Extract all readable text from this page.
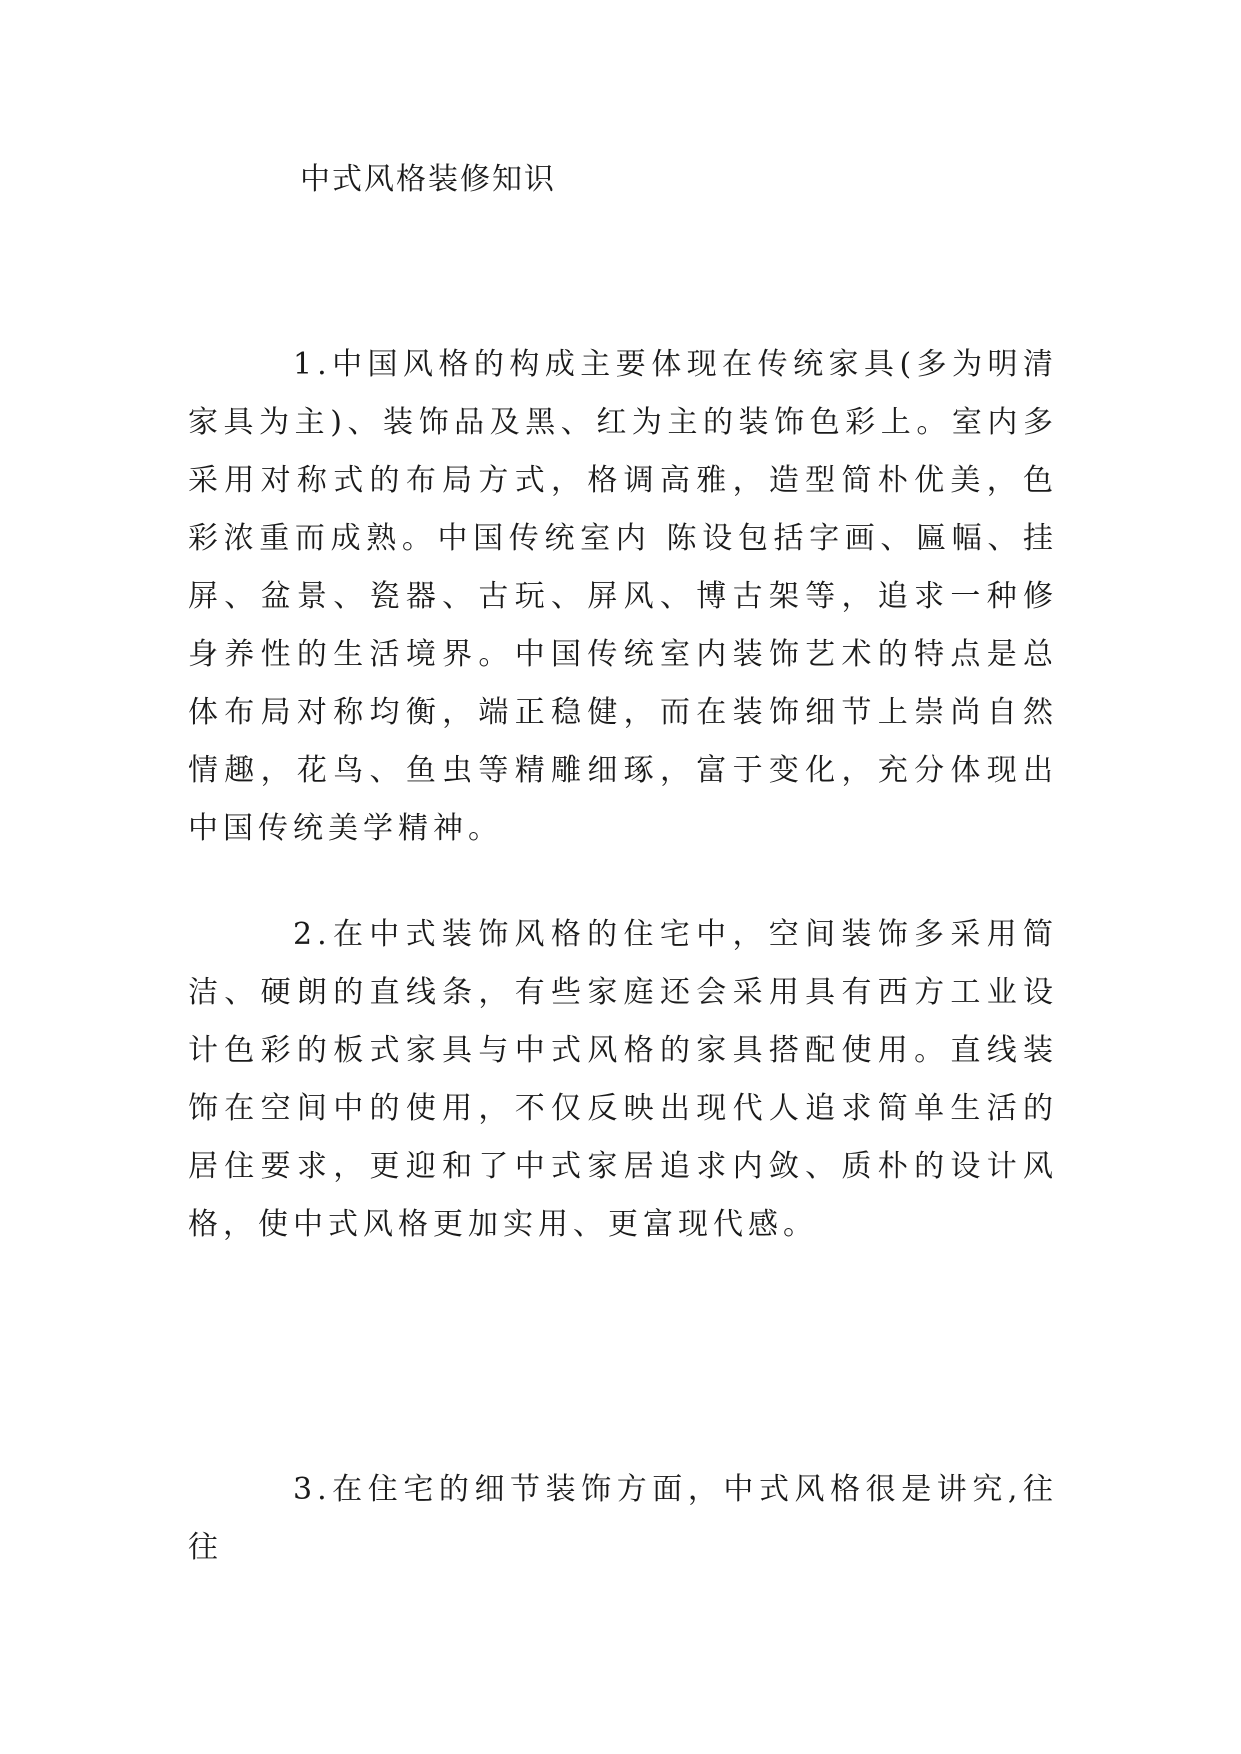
中式风格装修知识

1.中国风格的构成主要体现在传统家具(多为明清家具为主)、装饰品及黑、红为主的装饰色彩上。室内多采用对称式的布局方式，格调高雅，造型简朴优美，色彩浓重而成熟。中国传统室内 陈设包括字画、匾幅、挂屏、盆景、瓷器、古玩、屏风、博古架等，追求一种修身养性的生活境界。中国传统室内装饰艺术的特点是总体布局对称均衡，端正稳健，而在装饰细节上崇尚自然情趣，花鸟、鱼虫等精雕细琢，富于变化，充分体现出中国传统美学精神。

2.在中式装饰风格的住宅中，空间装饰多采用简洁、硬朗的直线条，有些家庭还会采用具有西方工业设计色彩的板式家具与中式风格的家具搭配使用。直线装饰在空间中的使用，不仅反映出现代人追求简单生活的居住要求，更迎和了中式家居追求内敛、质朴的设计风格，使中式风格更加实用、更富现代感。

3.在住宅的细节装饰方面，中式风格很是讲究,往往
